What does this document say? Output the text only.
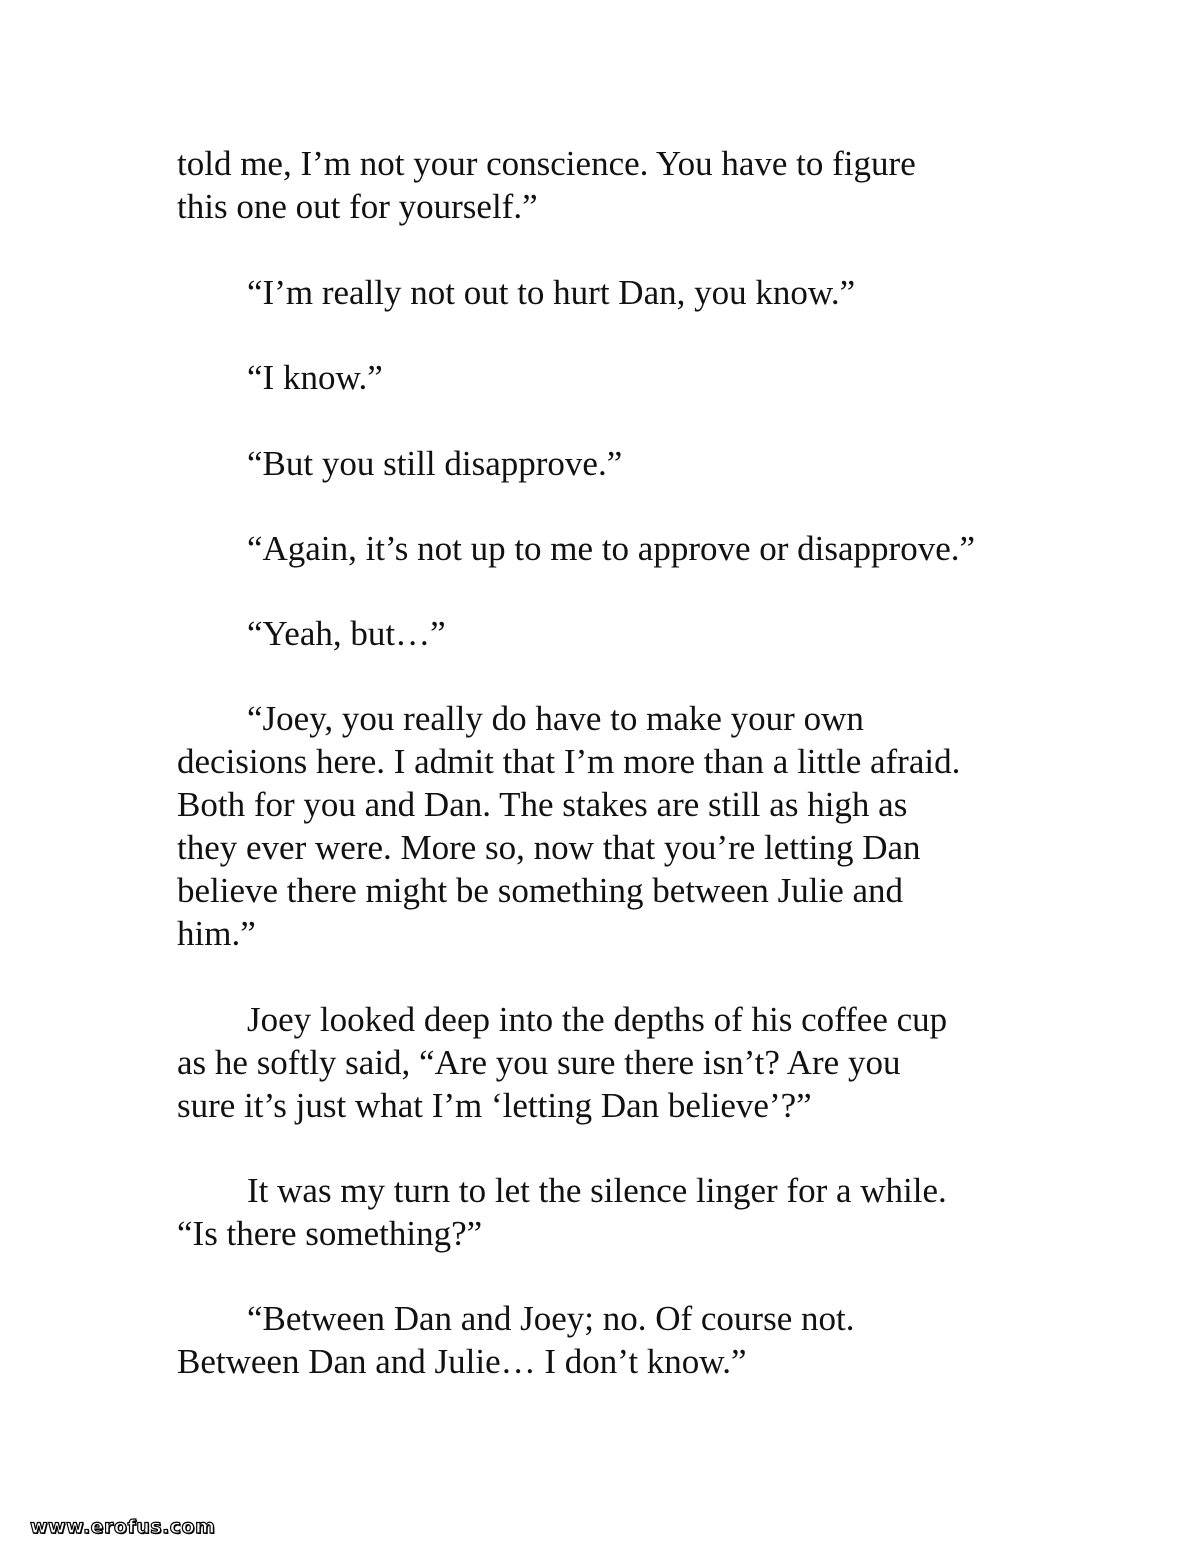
told me, I’m not your conscience. You have to figure

this one out for yourself.”

“I’m really not out to hurt Dan, you know.”

“I know.”

“But you still disapprove.”

“Again, it’s not up to me to approve or disapprove.”

“Yeah, but…”

“Joey, you really do have to make your own

decisions here. I admit that I’m more than a little afraid.

Both for you and Dan. The stakes are still as high as

they ever were. More so, now that you’re letting Dan

believe there might be something between Julie and

him.”

Joey looked deep into the depths of his coffee cup

as he softly said, “Are you sure there isn’t? Are you

sure it’s just what I’m ‘letting Dan believe’?”

It was my turn to let the silence linger for a while.

“Is there something?”

“Between Dan and Joey; no. Of course not.

Between Dan and Julie… I don’t know.”

www.erofus.com
